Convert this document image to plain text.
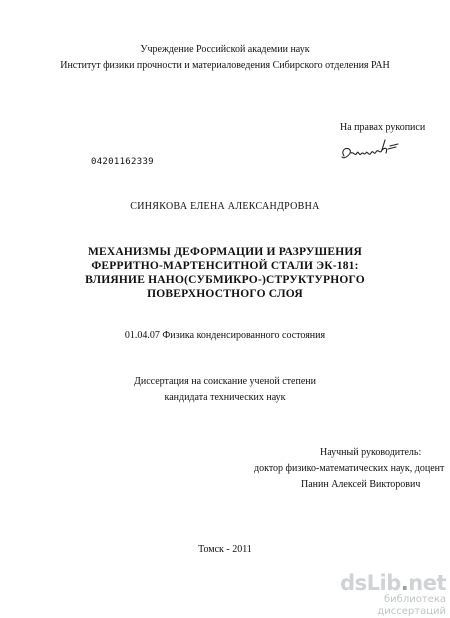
Учреждение Российской академии наук
Институт физики прочности и материаловедения Сибирского отделения РАН
На правах рукописи
04201162339
СИНЯКОВА ЕЛЕНА АЛЕКСАНДРОВНА
МЕХАНИЗМЫ ДЕФОРМАЦИИ И РАЗРУШЕНИЯ
ФЕРРИТНО-МАРТЕНСИТНОЙ СТАЛИ ЭК-181:
ВЛИЯНИЕ НАНО(СУБМИКРО-)СТРУКТУРНОГО
ПОВЕРХНОСТНОГО СЛОЯ
01.04.07 Физика конденсированного состояния
Диссертация на соискание ученой степени
кандидата технических наук
Научный руководитель:
доктор физико-математических наук, доцент
Панин Алексей Викторович
Томск - 2011
dsLib.net
библиотека диссертаций
